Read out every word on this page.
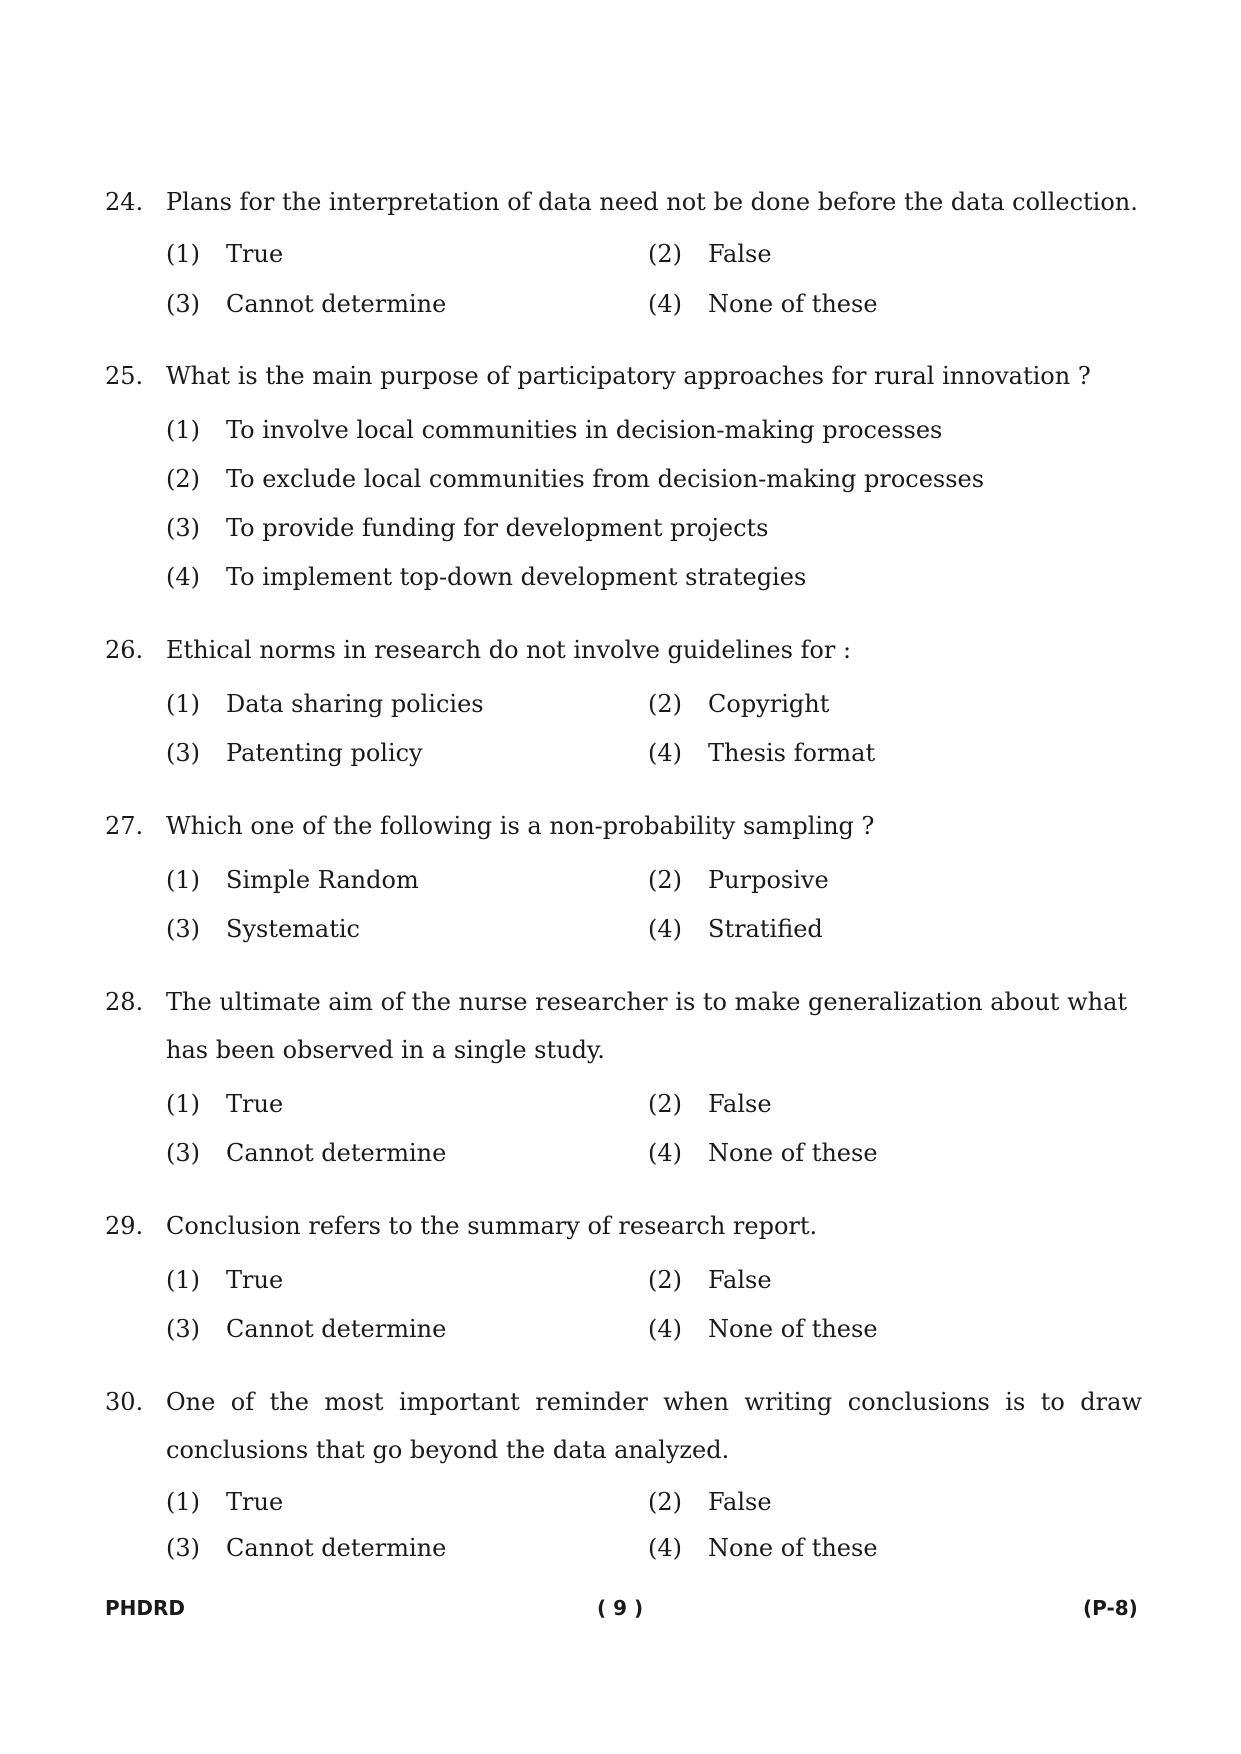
24. Plans for the interpretation of data need not be done before the data collection.
(1) True	(2) False
(3) Cannot determine	(4) None of these
25. What is the main purpose of participatory approaches for rural innovation ?
(1) To involve local communities in decision-making processes
(2) To exclude local communities from decision-making processes
(3) To provide funding for development projects
(4) To implement top-down development strategies
26. Ethical norms in research do not involve guidelines for :
(1) Data sharing policies	(2) Copyright
(3) Patenting policy	(4) Thesis format
27. Which one of the following is a non-probability sampling ?
(1) Simple Random	(2) Purposive
(3) Systematic	(4) Stratified
28. The ultimate aim of the nurse researcher is to make generalization about what has been observed in a single study.
(1) True	(2) False
(3) Cannot determine	(4) None of these
29. Conclusion refers to the summary of research report.
(1) True	(2) False
(3) Cannot determine	(4) None of these
30. One of the most important reminder when writing conclusions is to draw conclusions that go beyond the data analyzed.
(1) True	(2) False
(3) Cannot determine	(4) None of these
PHDRD	( 9 )	(P-8)
